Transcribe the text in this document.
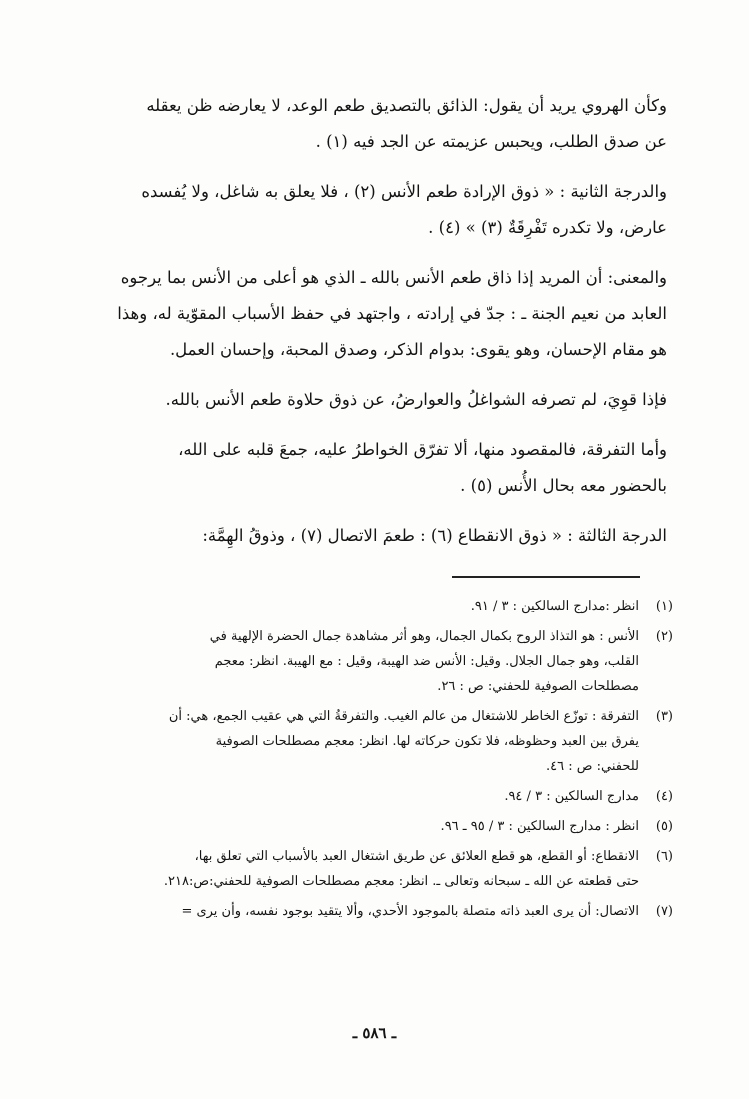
وكأن الهروي يريد أن يقول: الذائق بالتصديق طعم الوعد، لا يعارضه ظن يعقله
عن صدق الطلب، ويحبس عزيمته عن الجد فيه (١) .

والدرجة الثانية : « ذوق الإرادة طعم الأنس (٢) ، فلا يعلق به شاغل، ولا يُفسده
عارض، ولا تكدره تَفْرِقَةٌ (٣) » (٤) .

والمعنى: أن المريد إذا ذاق طعم الأنس بالله ـ الذي هو أعلى من الأنس بما يرجوه
العابد من نعيم الجنة ـ : جدّ في إرادته ، واجتهد في حفظ الأسباب المقوّية له، وهذا
هو مقام الإحسان، وهو يقوى: بدوام الذكر، وصدق المحبة، وإحسان العمل.

فإذا قوِيَ، لم تصرفه الشواغلُ والعوارضُ، عن ذوق حلاوة طعم الأنس بالله.

وأما التفرقة، فالمقصود منها، ألا تفرّق الخواطرُ عليه، جمعَ قلبه على الله،
بالحضور معه بحال الأُنس (٥) .

الدرجة الثالثة : « ذوق الانقطاع (٦) : طعمَ الاتصال (٧) ، وذوقُ الهِمَّة:

(١)
انظر :مدارج السالكين : ٣ / ٩١.
(٢)
الأنس : هو التذاذ الروح بكمال الجمال، وهو أثر مشاهدة جمال الحضرة الإلهية في
القلب، وهو جمال الجلال. وقيل: الأنس ضد الهيبة، وقيل : مع الهيبة. انظر: معجم
مصطلحات الصوفية للحفني: ص : ٢٦.
(٣)
التفرقة : توزّع الخاطر للاشتغال من عالم الغيب. والتفرقةُ التي هي عقيب الجمع، هي: أن
يفرق بين العبد وحظوظه، فلا تكون حركاته لها. انظر: معجم مصطلحات الصوفية
للحفني: ص : ٤٦.
(٤)
مدارج السالكين : ٣ / ٩٤.
(٥)
انظر : مدارج السالكين : ٣ / ٩٥ ـ ٩٦.
(٦)
الانقطاع: أو القطع، هو قطع العلائق عن طريق اشتغال العبد بالأسباب التي تعلق بها،
حتى قطعته عن الله ـ سبحانه وتعالى ـ. انظر: معجم مصطلحات الصوفية للحفني:ص:٢١٨.
(٧)
الاتصال: أن يرى العبد ذاته متصلة بالموجود الأحدي، وألا يتقيد بوجود نفسه، وأن يرى =
ـ ٥٨٦ ـ
